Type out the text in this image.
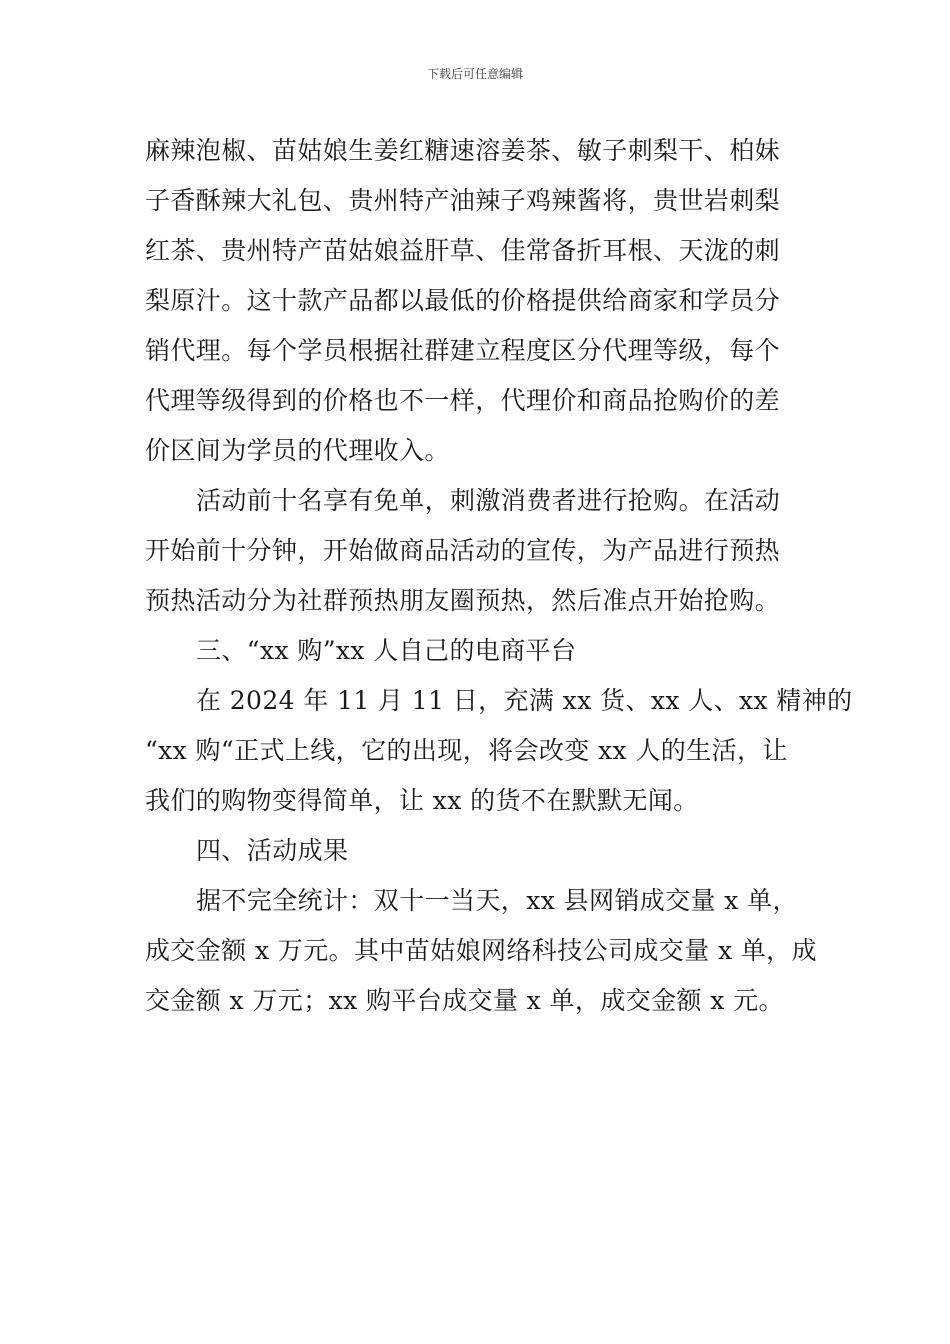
下载后可任意编辑
麻辣泡椒、苗姑娘生姜红糖速溶姜茶、敏子刺梨干、柏妹
子香酥辣大礼包、贵州特产油辣子鸡辣酱将，贵世岩刺梨
红茶、贵州特产苗姑娘益肝草、佳常备折耳根、天泷的刺
梨原汁。这十款产品都以最低的价格提供给商家和学员分
销代理。每个学员根据社群建立程度区分代理等级，每个
代理等级得到的价格也不一样，代理价和商品抢购价的差
价区间为学员的代理收入。
活动前十名享有免单，刺激消费者进行抢购。在活动
开始前十分钟，开始做商品活动的宣传，为产品进行预热
预热活动分为社群预热朋友圈预热，然后准点开始抢购。
三、“xx 购”xx 人自己的电商平台
在 2024 年 11 月 11 日，充满 xx 货、xx 人、xx 精神的
“xx 购“正式上线，它的出现，将会改变 xx 人的生活，让
我们的购物变得简单，让 xx 的货不在默默无闻。
四、活动成果
据不完全统计：双十一当天，xx 县网销成交量 x 单，
成交金额 x 万元。其中苗姑娘网络科技公司成交量 x 单，成
交金额 x 万元；xx 购平台成交量 x 单，成交金额 x 元。
